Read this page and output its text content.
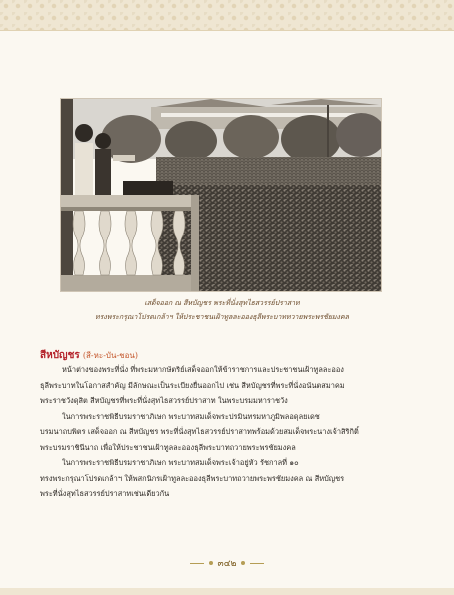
เสด็จออก ณ สีหบัญชร พระที่นั่งสุทไธสวรรย์ปราสาท
ทรงพระกรุณาโปรดเกล้าฯ ให้ประชาชนเฝ้าทูลละอองธุลีพระบาททวายพระพรชัยมงคล
สีหบัญชร (สี-หะ-บัน-ชอน)
หน้าต่างของพระที่นั่ง ที่พระมหากษัตริย์เสด็จออกให้ข้าราชการและประชาชนเฝ้าทูลละออง
ธุลีพระบาทในโอกาสสำคัญ มีลักษณะเป็นระเบียงยื่นออกไป เช่น สีหบัญชรที่พระที่นั่งอนันตสมาคม
พระราชวังดุสิต สีหบัญชรที่พระที่นั่งสุทไธสวรรย์ปราสาท ในพระบรมมหาราชวัง
ในการพระราชพิธีบรมราชาภิเษก พระบาทสมเด็จพระปรมินทรมหาภูมิพลอดุลยเดช
บรมนาถบพิตร เสด็จออก ณ สีหบัญชร พระที่นั่งสุทไธสวรรย์ปราสาทพร้อมด้วยสมเด็จพระนางเจ้าสิริกิติ์
พระบรมราชินีนาถ เพื่อให้ประชาชนเฝ้าทูลละอองธุลีพระบาทถวายพระพรชัยมงคล
ในการพระราชพิธีบรมราชาภิเษก พระบาทสมเด็จพระเจ้าอยู่หัว รัชกาลที่ ๑๐
ทรงพระกรุณาโปรดเกล้าฯ ให้พสกนิกรเฝ้าทูลละอองธุลีพระบาทถวายพระพรชัยมงคล ณ สีหบัญชร
พระที่นั่งสุทไธสวรรย์ปราสาทเช่นเดียวกัน
๓๔๒
